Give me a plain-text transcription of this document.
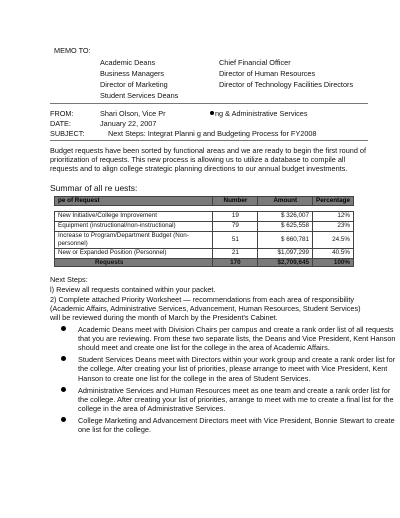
MEMO TO:
Academic Deans
Business Managers
Director of Marketing
Student Services Deans
Chief Financial Officer
Director of Human Resources
Director of Technology Facilities Directors
FROM:	Shari Olson, Vice Pr	ng & Administrative Services
DATE:	January 22, 2007
SUBJECT:	Next Steps: Integrat Planni g and Budgeting Process for FY2008
Budget requests have been sorted by functional areas and we are ready to begin the first round of prioritization of requests. This new process is allowing us to utilize a database to compile all requests and to align college strategic planning directions to our annual budget investments.
Summar of all re uests:
pe of Request	Number	Amount	Percentage

New Initiative/College Improvement	19	$ 326,007	12%
Equipment (instructional/non-instructional)	79	$ 625,558	23%
Increase to Program/Department Budget (Non-personnel)	51	$ 660,781	24.5%
New or Expanded Position (Personnel)	21	$1,097,299	40.5%
Requests	170	$2,709,645	100%
Next Steps:
l) Review all requests contained within your packet.
2) Complete attached Priority Worksheet — recommendations from each area of responsibility (Academic Affairs, Administrative Services, Advancement, Human Resources, Student Services) will be reviewed during the month of March by the President's Cabinet.
Academic Deans meet with Division Chairs per campus and create a rank order list of all requests that you are reviewing. From these two separate lists, the Deans and Vice President, Kent Hanson should meet and create one list for the college in the area of Academic Affairs.
Student Services Deans meet with Directors within your work group and create a rank order list for the college. After creating your list of priorities, please arrange to meet with Vice President, Kent Hanson to create one list for the college in the area of Student Services.
Administrative Services and Human Resources meet as one team and create a rank order list for the college. After creating your list of priorities, arrange to meet with me to create a final list for the college in the area of Administrative Services.
College Marketing and Advancement Directors meet with Vice President, Bonnie Stewart to create one list for the college.
